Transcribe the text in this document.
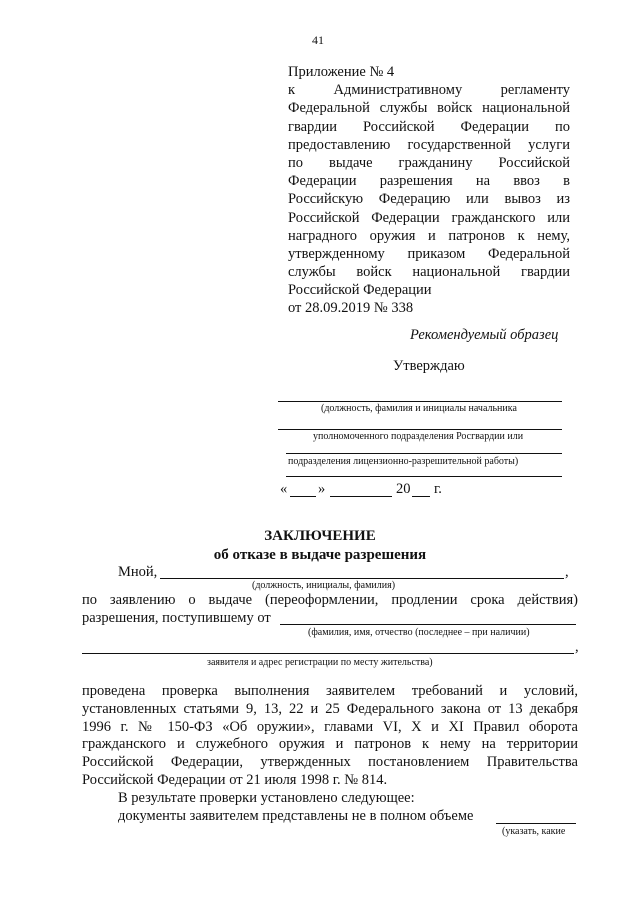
41
Приложение № 4
к Административному регламенту
Федеральной службы войск национальной
гвардии Российской Федерации по
предоставлению государственной услуги
по выдаче гражданину Российской
Федерации разрешения на ввоз в
Российскую Федерацию или вывоз из
Российской Федерации гражданского или
наградного оружия и патронов к нему,
утвержденному приказом Федеральной
службы войск национальной гвардии
Российской Федерации
от 28.09.2019 № 338
Рекомендуемый образец
Утверждаю
(должность, фамилия и инициалы начальника
уполномоченного подразделения Росгвардии или
подразделения лицензионно-разрешительной работы)
« »	20 г.
ЗАКЛЮЧЕНИЕ
об отказе в выдаче разрешения
Мной,	,
(должность, инициалы, фамилия)
по заявлению о выдаче (переоформлении, продлении срока действия)
разрешения, поступившему от
(фамилия, имя, отчество (последнее – при наличии)
,
заявителя и адрес регистрации по месту жительства)
проведена проверка выполнения заявителем требований и условий,
установленных статьями 9, 13, 22 и 25 Федерального закона от 13 декабря
1996 г. № 150-ФЗ «Об оружии», главами VI, X и XI Правил оборота
гражданского и служебного оружия и патронов к нему на территории
Российской Федерации, утвержденных постановлением Правительства
Российской Федерации от 21 июля 1998 г. № 814.
В результате проверки установлено следующее:
документы заявителем представлены не в полном объеме
(указать, какие
